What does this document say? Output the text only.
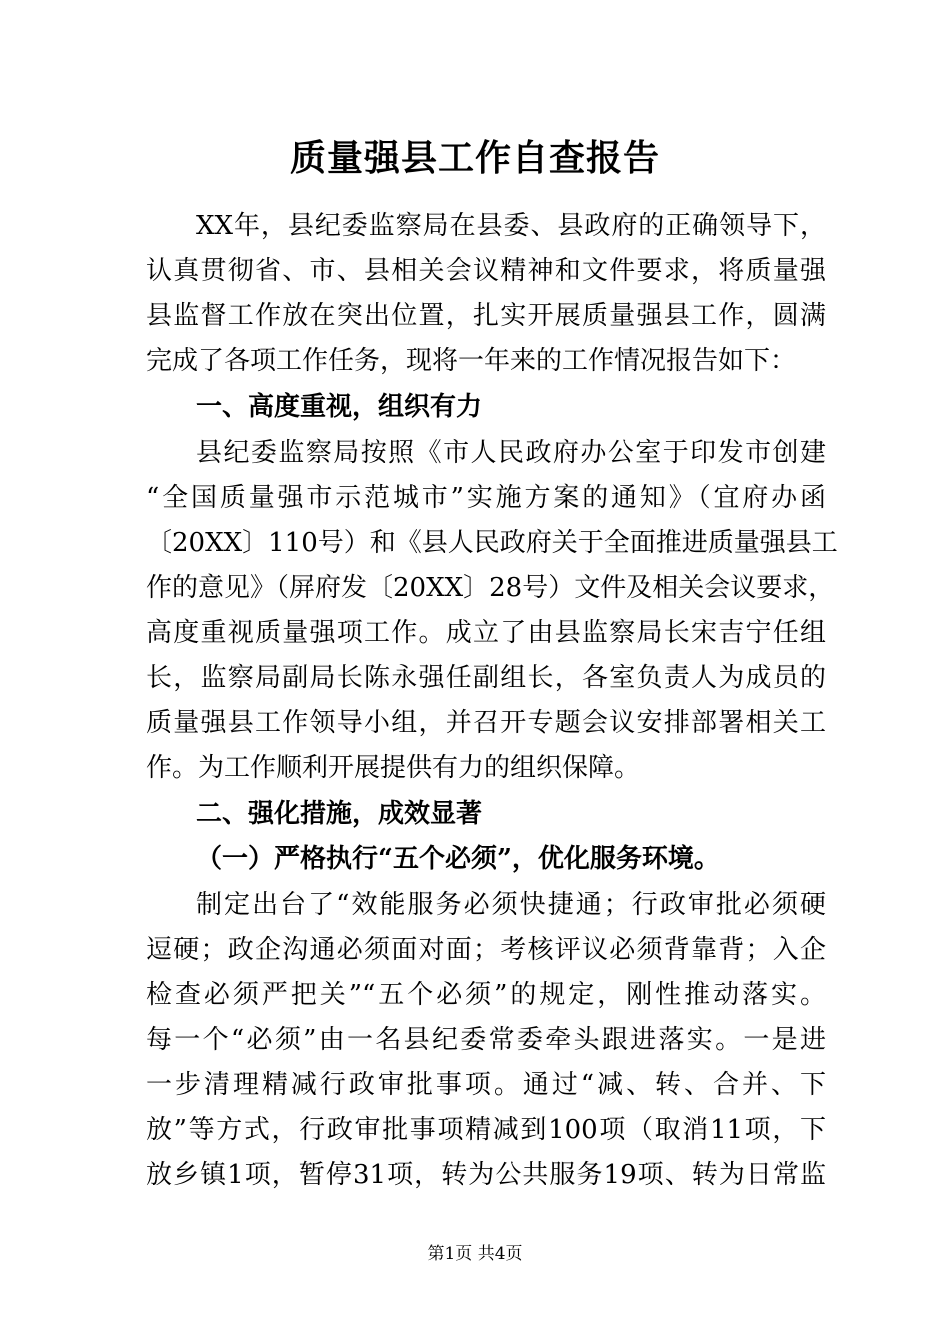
质量强县工作自查报告
XX年，县纪委监察局在县委、县政府的正确领导下，
认真贯彻省、市、县相关会议精神和文件要求，将质量强
县监督工作放在突出位置，扎实开展质量强县工作，圆满
完成了各项工作任务，现将一年来的工作情况报告如下：
一、高度重视，组织有力
县纪委监察局按照《市人民政府办公室于印发市创建
“全国质量强市示范城市”实施方案的通知》（宜府办函
〔20XX〕110号）和《县人民政府关于全面推进质量强县工
作的意见》（屏府发〔20XX〕28号）文件及相关会议要求，
高度重视质量强项工作。成立了由县监察局长宋吉宁任组
长，监察局副局长陈永强任副组长，各室负责人为成员的
质量强县工作领导小组，并召开专题会议安排部署相关工
作。为工作顺利开展提供有力的组织保障。
二、强化措施，成效显著
（一）严格执行“五个必须”，优化服务环境。
制定出台了“效能服务必须快捷通；行政审批必须硬
逗硬；政企沟通必须面对面；考核评议必须背靠背；入企
检查必须严把关”“五个必须”的规定，刚性推动落实。
每一个“必须”由一名县纪委常委牵头跟进落实。一是进
一步清理精减行政审批事项。通过“减、转、合并、下
放”等方式，行政审批事项精减到100项（取消11项，下
放乡镇1项，暂停31项，转为公共服务19项、转为日常监
第1页 共4页
